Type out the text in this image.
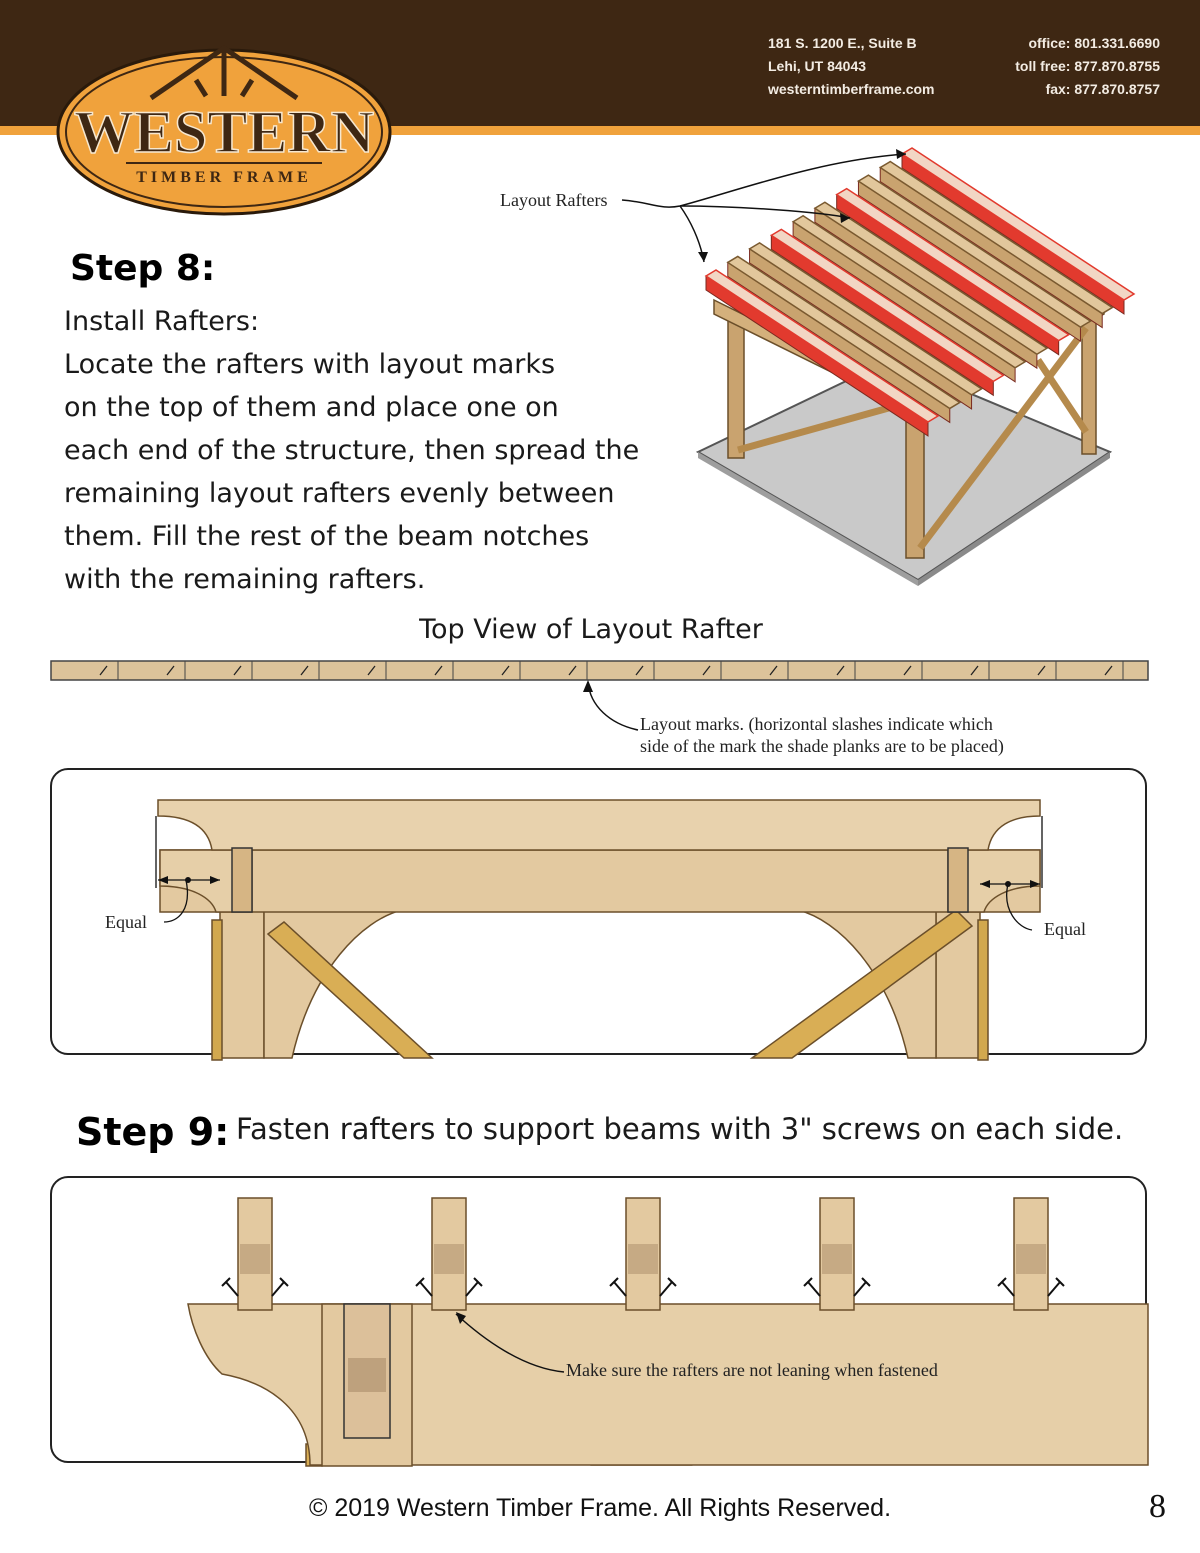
181 S. 1200 E., Suite B
Lehi, UT 84043
westerntimberframe.com
office: 801.331.6690
toll free: 877.870.8755
fax: 877.870.8757
WESTERN
TIMBER FRAME
Step 8:

Install Rafters:

Locate the rafters with layout marks

on the top of them and place one on

each end of the structure, then spread the

remaining layout rafters evenly between

them. Fill the rest of the beam notches

with the remaining rafters.

Layout Rafters
Top View of Layout Rafter
Layout marks. (horizontal slashes indicate which
side of the mark the shade planks are to be placed)
Equal	Equal
Step 9: Fasten rafters to support beams with 3" screws on each side.
Make sure the rafters are not leaning when fastened
© 2019 Western Timber Frame. All Rights Reserved.	8
